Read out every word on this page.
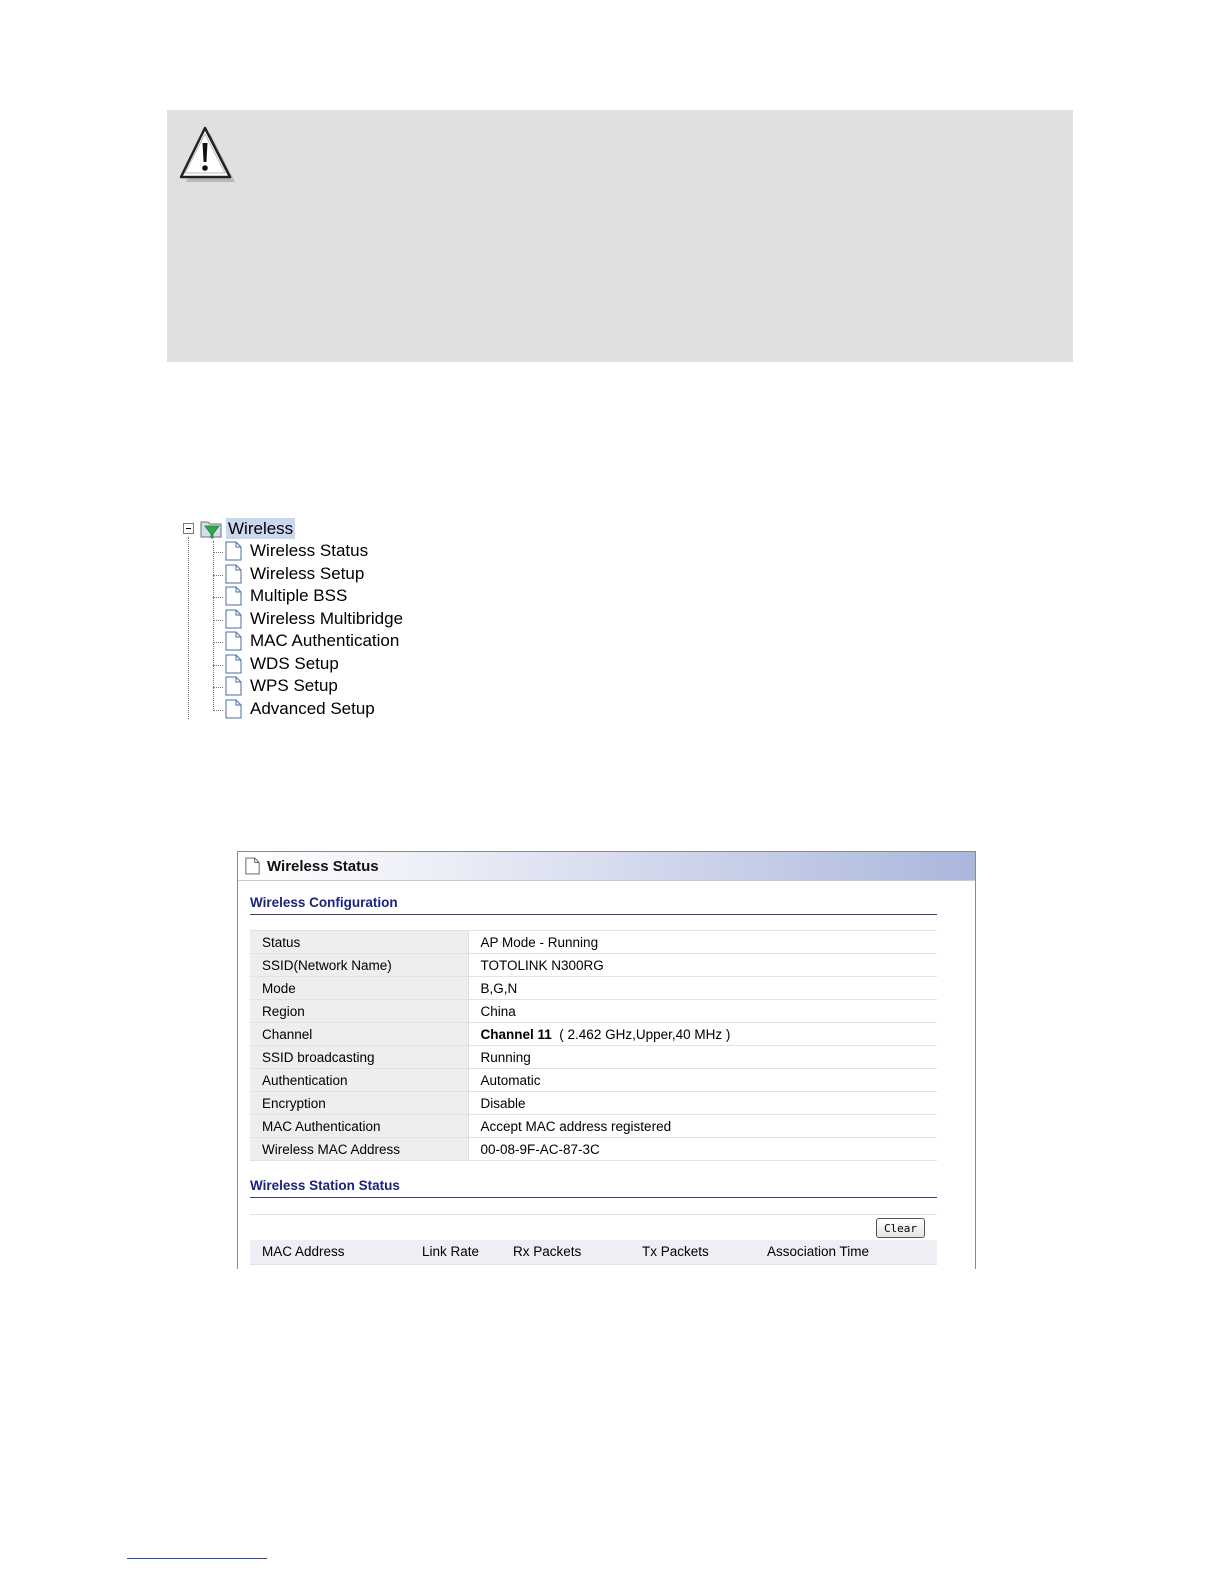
Wireless
Wireless Status
Wireless Setup
Multiple BSS
Wireless Multibridge
MAC Authentication
WDS Setup
WPS Setup
Advanced Setup
Wireless Status
Wireless Configuration
Status	AP Mode - Running
SSID(Network Name)	TOTOLINK N300RG
Mode	B,G,N
Region	China
Channel	Channel 11 ( 2.462 GHz,Upper,40 MHz )
SSID broadcasting	Running
Authentication	Automatic
Encryption	Disable
MAC Authentication	Accept MAC address registered
Wireless MAC Address	00-08-9F-AC-87-3C
Wireless Station Status
Clear
MAC Address	Link Rate	Rx Packets	Tx Packets	Association Time
